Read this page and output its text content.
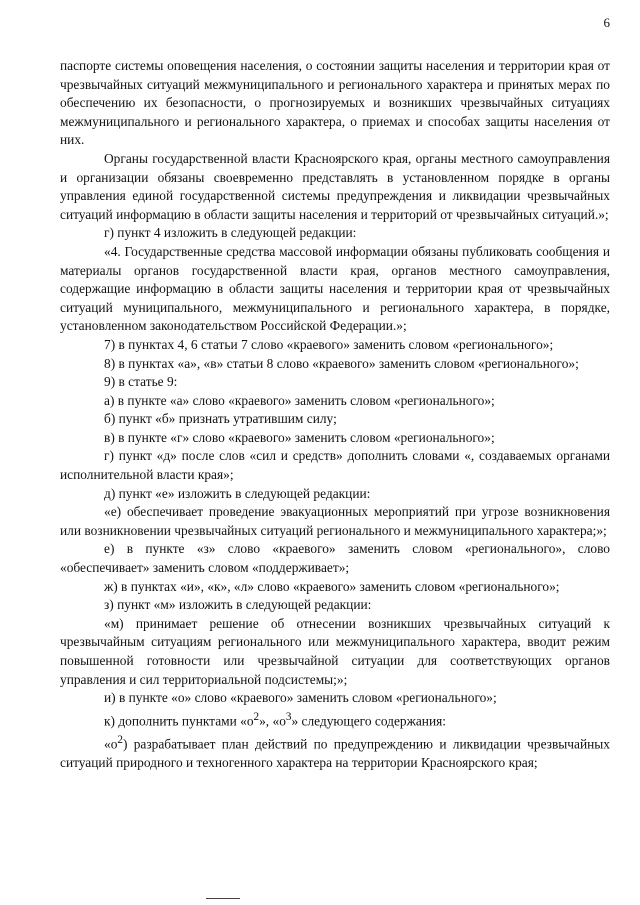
6

паспорте системы оповещения населения, о состоянии защиты населения и территории края от чрезвычайных ситуаций межмуниципального и регионального характера и принятых мерах по обеспечению их безопасности, о прогнозируемых и возникших чрезвычайных ситуациях межмуниципального и регионального характера, о приемах и способах защиты населения от них.

Органы государственной власти Красноярского края, органы местного самоуправления и организации обязаны своевременно представлять в установленном порядке в органы управления единой государственной системы предупреждения и ликвидации чрезвычайных ситуаций информацию в области защиты населения и территорий от чрезвычайных ситуаций.»;

г) пункт 4 изложить в следующей редакции:

«4. Государственные средства массовой информации обязаны публиковать сообщения и материалы органов государственной власти края, органов местного самоуправления, содержащие информацию в области защиты населения и территории края от чрезвычайных ситуаций муниципального, межмуниципального и регионального характера, в порядке, установленном законодательством Российской Федерации.»;

7) в пунктах 4, 6 статьи 7 слово «краевого» заменить словом «регионального»;

8) в пунктах «а», «в» статьи 8 слово «краевого» заменить словом «регионального»;

9) в статье 9:

а) в пункте «а» слово «краевого» заменить словом «регионального»;

б) пункт «б» признать утратившим силу;

в) в пункте «г» слово «краевого» заменить словом «регионального»;

г) пункт «д» после слов «сил и средств» дополнить словами «, создаваемых органами исполнительной власти края»;

д) пункт «е» изложить в следующей редакции:

«е) обеспечивает проведение эвакуационных мероприятий при угрозе возникновения или возникновении чрезвычайных ситуаций регионального и межмуниципального характера;»;

е) в пункте «з» слово «краевого» заменить словом «регионального», слово «обеспечивает» заменить словом «поддерживает»;

ж) в пунктах «и», «к», «л» слово «краевого» заменить словом «регионального»;

з) пункт «м» изложить в следующей редакции:

«м) принимает решение об отнесении возникших чрезвычайных ситуаций к чрезвычайным ситуациям регионального или межмуниципального характера, вводит режим повышенной готовности или чрезвычайной ситуации для соответствующих органов управления и сил территориальной подсистемы;»;

и) в пункте «о» слово «краевого» заменить словом «регионального»;

к) дополнить пунктами «$о^2$», «$о^3$» следующего содержания:

«$о^2$) разрабатывает план действий по предупреждению и ликвидации чрезвычайных ситуаций природного и техногенного характера на территории Красноярского края;
